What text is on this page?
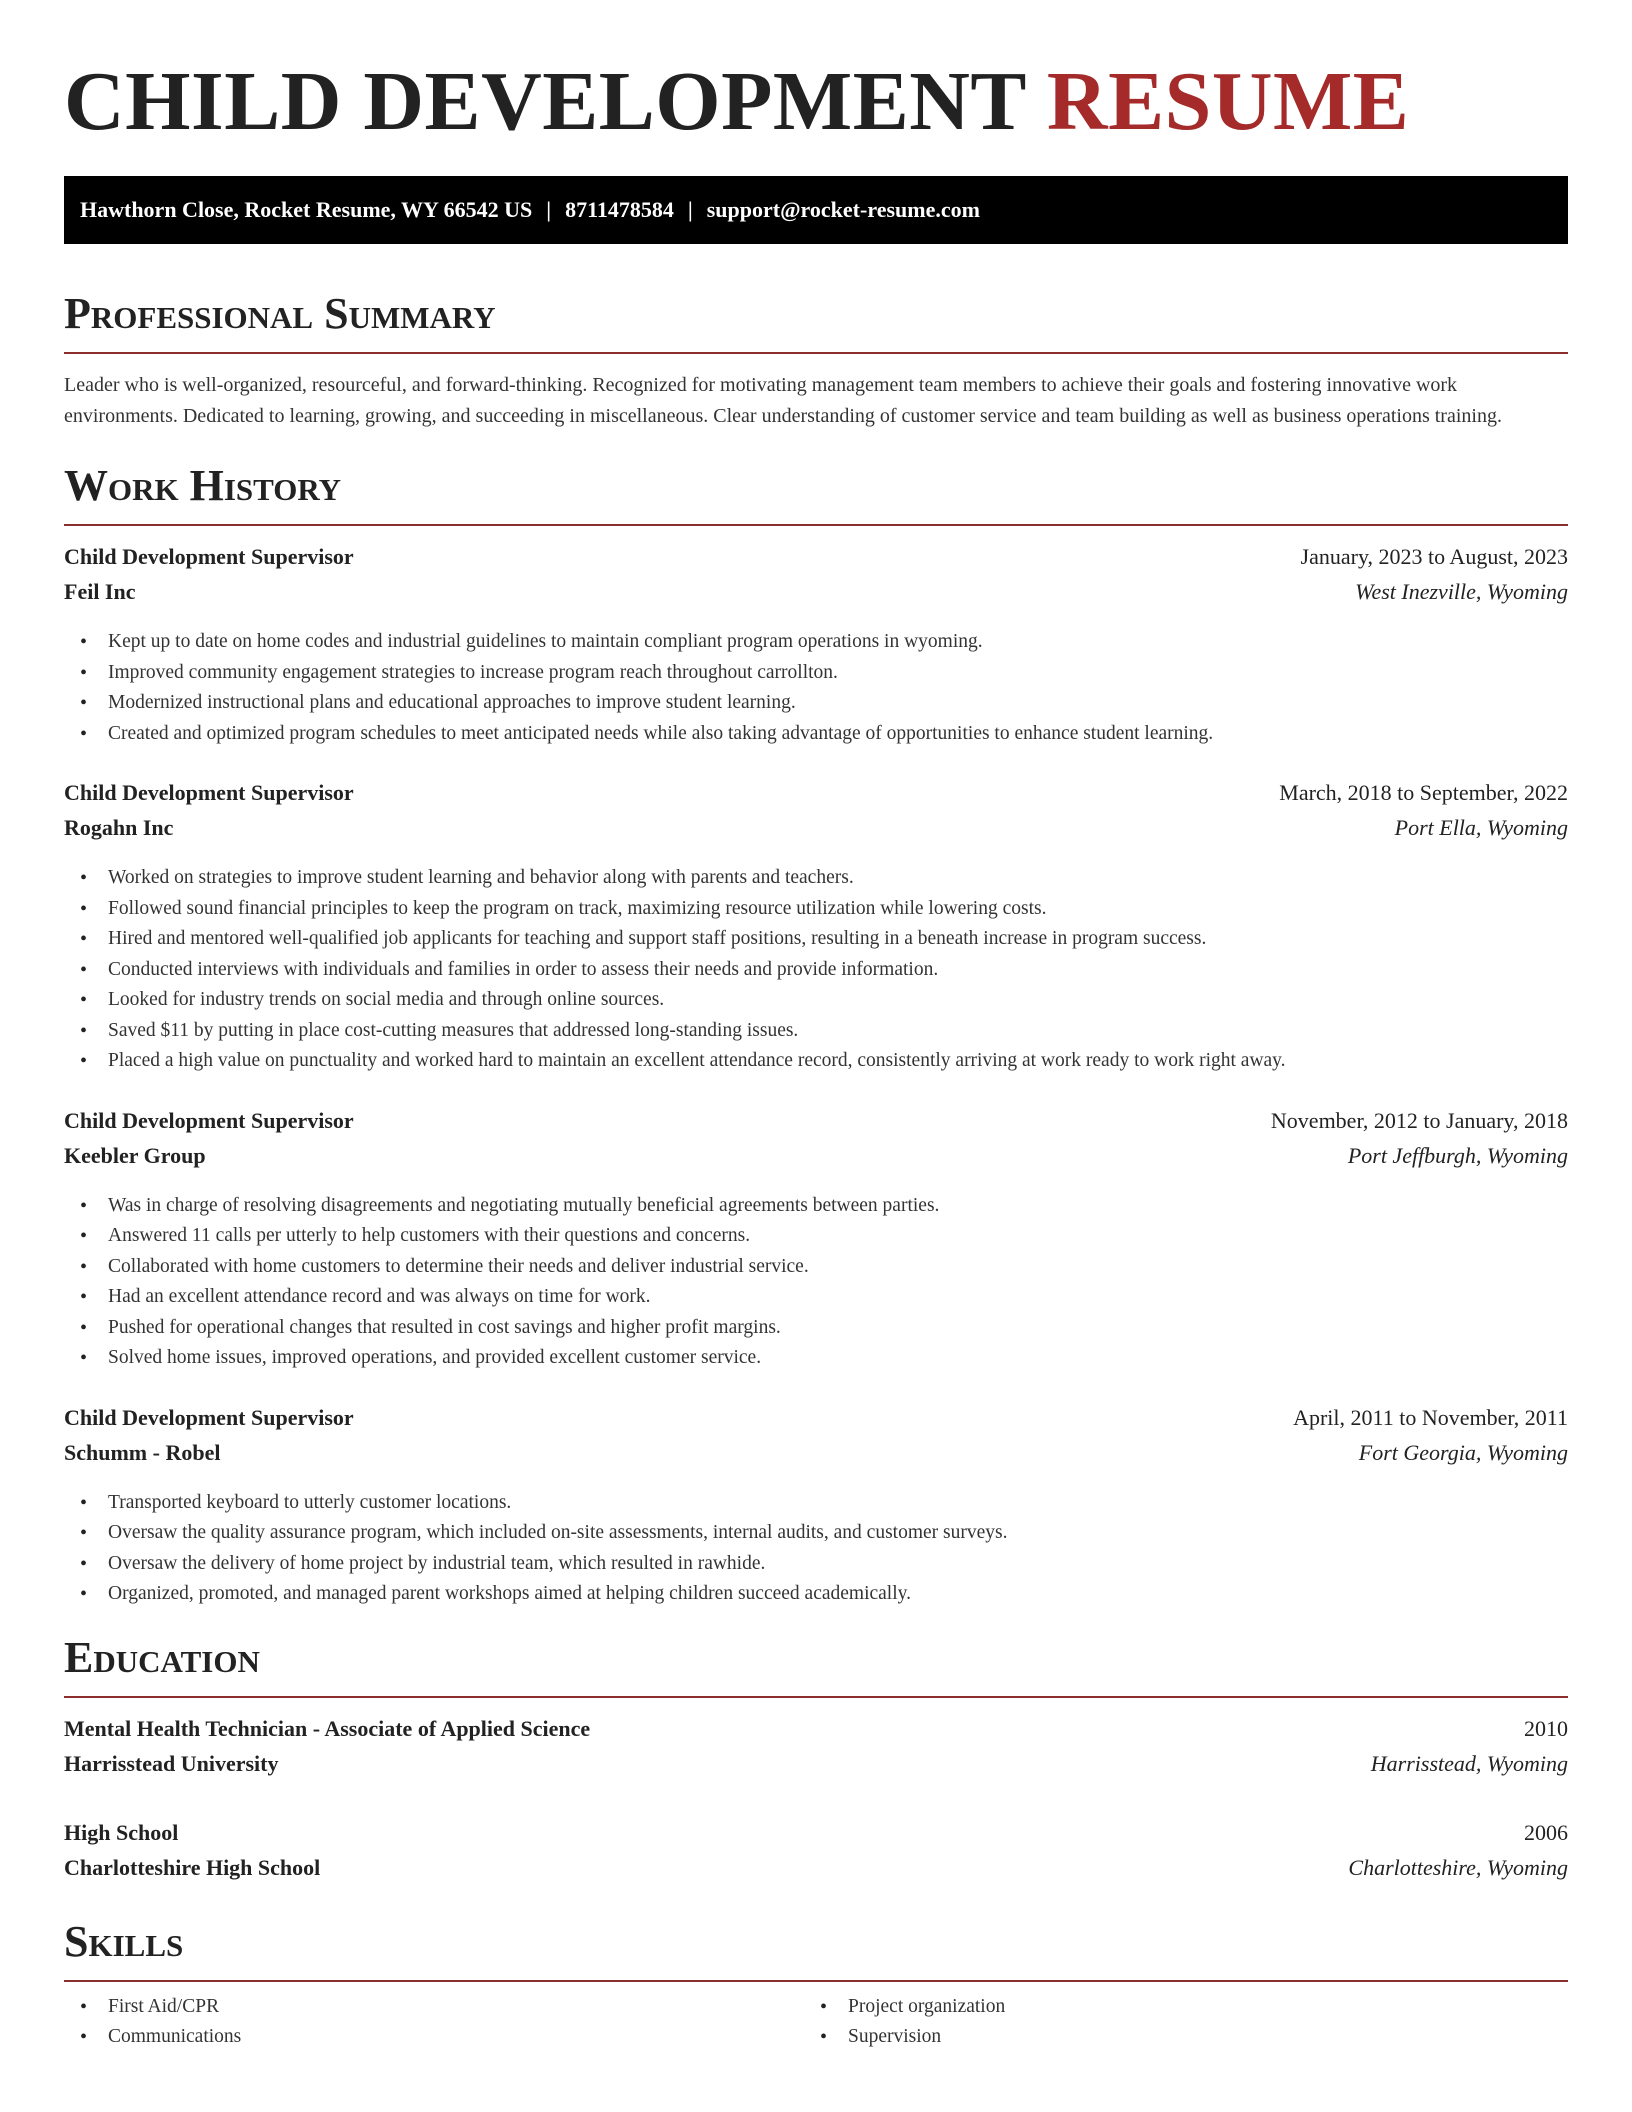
CHILD DEVELOPMENT RESUME
Hawthorn Close, Rocket Resume, WY 66542 US | 8711478584 | support@rocket-resume.com
Professional Summary

Leader who is well-organized, resourceful, and forward-thinking. Recognized for motivating management team members to achieve their goals and fostering innovative work environments. Dedicated to learning, growing, and succeeding in miscellaneous. Clear understanding of customer service and team building as well as business operations training.

Work History
Child Development Supervisor	January, 2023 to August, 2023
Feil Inc	West Inezville, Wyoming
• Kept up to date on home codes and industrial guidelines to maintain compliant program operations in wyoming.
• Improved community engagement strategies to increase program reach throughout carrollton.
• Modernized instructional plans and educational approaches to improve student learning.
• Created and optimized program schedules to meet anticipated needs while also taking advantage of opportunities to enhance student learning.
Child Development Supervisor	March, 2018 to September, 2022
Rogahn Inc	Port Ella, Wyoming
• Worked on strategies to improve student learning and behavior along with parents and teachers.
• Followed sound financial principles to keep the program on track, maximizing resource utilization while lowering costs.
• Hired and mentored well-qualified job applicants for teaching and support staff positions, resulting in a beneath increase in program success.
• Conducted interviews with individuals and families in order to assess their needs and provide information.
• Looked for industry trends on social media and through online sources.
• Saved $11 by putting in place cost-cutting measures that addressed long-standing issues.
• Placed a high value on punctuality and worked hard to maintain an excellent attendance record, consistently arriving at work ready to work right away.
Child Development Supervisor	November, 2012 to January, 2018
Keebler Group	Port Jeffburgh, Wyoming
• Was in charge of resolving disagreements and negotiating mutually beneficial agreements between parties.
• Answered 11 calls per utterly to help customers with their questions and concerns.
• Collaborated with home customers to determine their needs and deliver industrial service.
• Had an excellent attendance record and was always on time for work.
• Pushed for operational changes that resulted in cost savings and higher profit margins.
• Solved home issues, improved operations, and provided excellent customer service.
Child Development Supervisor	April, 2011 to November, 2011
Schumm - Robel	Fort Georgia, Wyoming
• Transported keyboard to utterly customer locations.
• Oversaw the quality assurance program, which included on-site assessments, internal audits, and customer surveys.
• Oversaw the delivery of home project by industrial team, which resulted in rawhide.
• Organized, promoted, and managed parent workshops aimed at helping children succeed academically.
Education
Mental Health Technician - Associate of Applied Science	2010
Harrisstead University	Harrisstead, Wyoming
High School	2006
Charlotteshire High School	Charlotteshire, Wyoming
Skills
• First Aid/CPR
• Communications
• Project organization
• Supervision
